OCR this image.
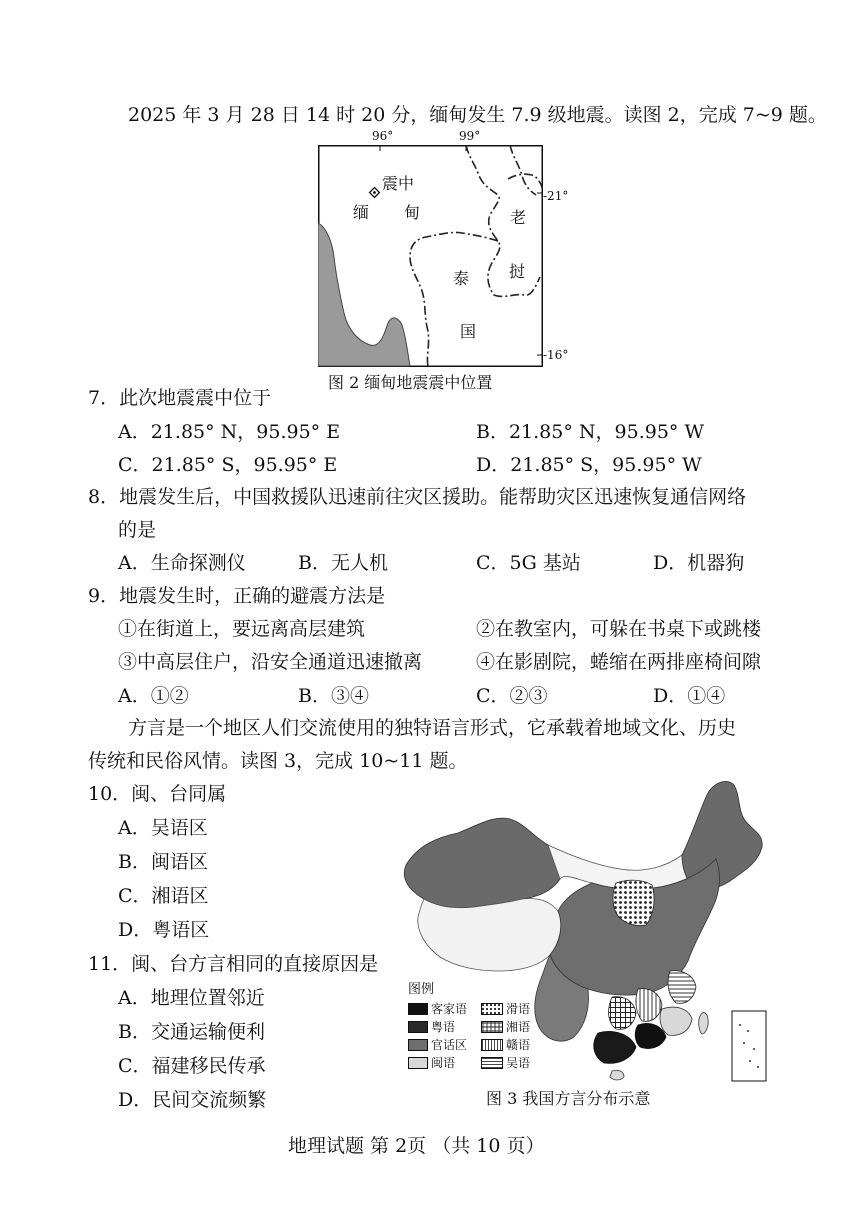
2025 年 3 月 28 日 14 时 20 分，缅甸发生 7.9 级地震。读图 2，完成 7~9 题。
96°	99°
-21°
-16°
震中
缅 甸	老
挝
泰
国
图 2 缅甸地震震中位置
7．此次地震震中位于
A．21.85° N，95.95° E	B．21.85° N，95.95° W
C．21.85° S，95.95° E	D．21.85° S，95.95° W
8．地震发生后，中国救援队迅速前往灾区援助。能帮助灾区迅速恢复通信网络
的是
A．生命探测仪	B．无人机	C．5G 基站	D．机器狗
9．地震发生时，正确的避震方法是
①在街道上，要远离高层建筑	②在教室内，可躲在书桌下或跳楼
③中高层住户，沿安全通道迅速撤离	④在影剧院，蜷缩在两排座椅间隙
A．①②	B．③④	C．②③	D．①④
方言是一个地区人们交流使用的独特语言形式，它承载着地域文化、历史
传统和民俗风情。读图 3，完成 10~11 题。
10．闽、台同属
A．吴语区
B．闽语区
C．湘语区
D．粤语区
11．闽、台方言相同的直接原因是
A．地理位置邻近
B．交通运输便利
C．福建移民传承
D．民间交流频繁
图例
客家语
粤语
官话区
闽语
滑语
湘语
赣语
吴语
图 3 我国方言分布示意
地理试题 第 2页 （共 10 页）
